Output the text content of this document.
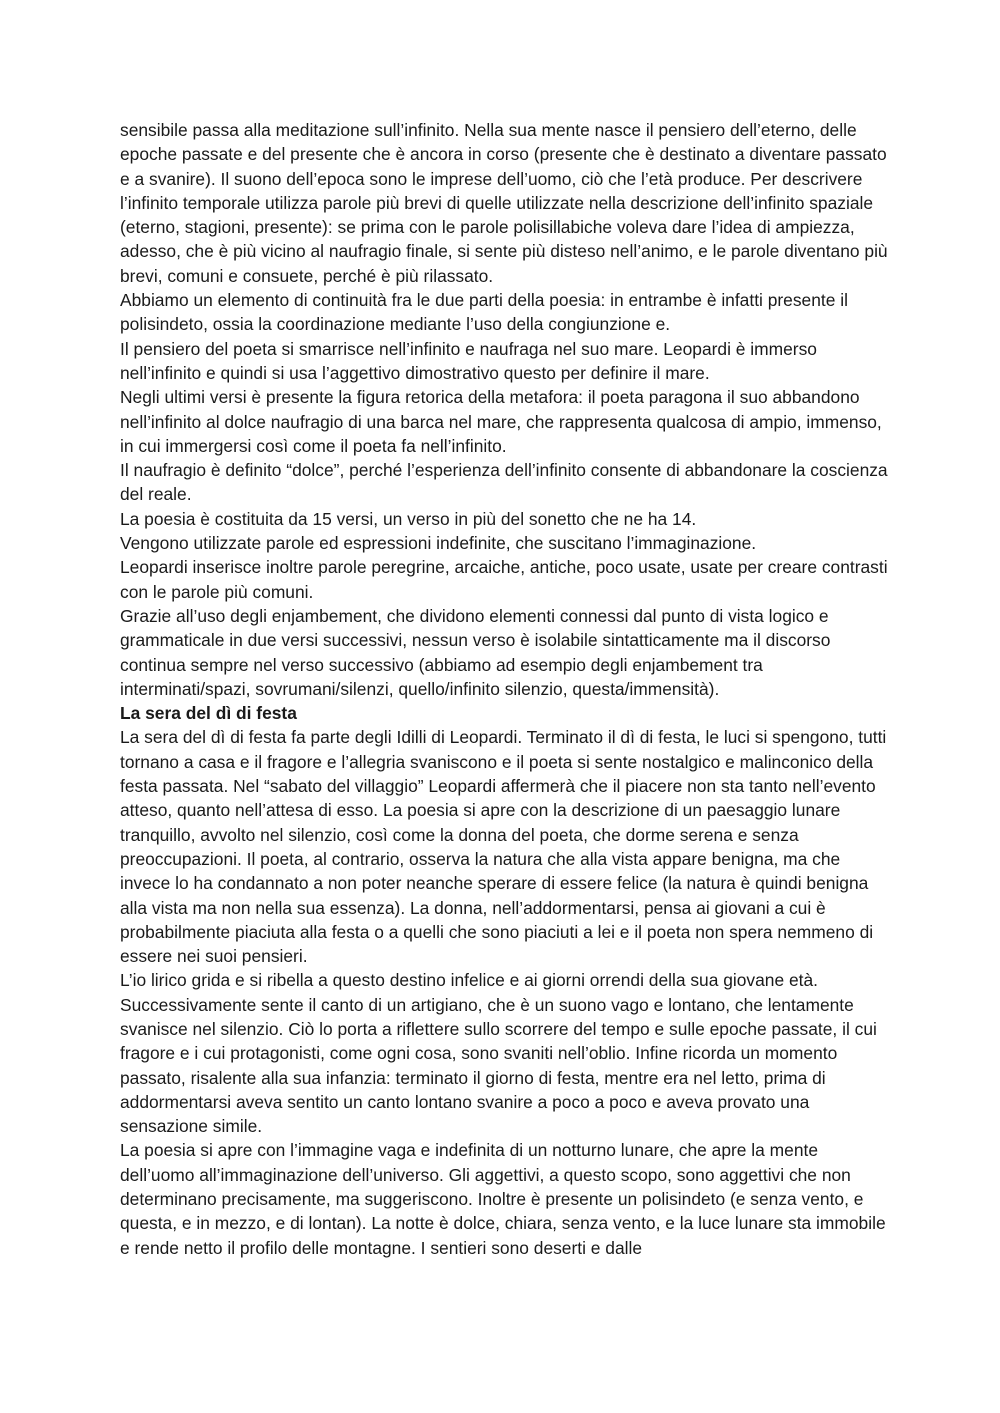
sensibile passa alla meditazione sull’infinito. Nella sua mente nasce il pensiero dell’eterno, delle epoche passate e del presente che è ancora in corso (presente che è destinato a diventare passato e a svanire). Il suono dell’epoca sono le imprese dell’uomo, ciò che l’età produce. Per descrivere l’infinito temporale utilizza parole più brevi di quelle utilizzate nella descrizione dell’infinito spaziale (eterno, stagioni, presente): se prima con le parole polisillabiche voleva dare l’idea di ampiezza, adesso, che è più vicino al naufragio finale, si sente più disteso nell’animo, e le parole diventano più brevi, comuni e consuete, perché è più rilassato.

Abbiamo un elemento di continuità fra le due parti della poesia: in entrambe è infatti presente il polisindeto, ossia la coordinazione mediante l’uso della congiunzione e.

Il pensiero del poeta si smarrisce nell’infinito e naufraga nel suo mare. Leopardi è immerso nell’infinito e quindi si usa l’aggettivo dimostrativo questo per definire il mare.

Negli ultimi versi è presente la figura retorica della metafora: il poeta paragona il suo abbandono nell’infinito al dolce naufragio di una barca nel mare, che rappresenta qualcosa di ampio, immenso, in cui immergersi così come il poeta fa nell’infinito.

Il naufragio è definito “dolce”, perché l’esperienza dell’infinito consente di abbandonare la coscienza del reale.

La poesia è costituita da 15 versi, un verso in più del sonetto che ne ha 14.

Vengono utilizzate parole ed espressioni indefinite, che suscitano l’immaginazione.

Leopardi inserisce inoltre parole peregrine, arcaiche, antiche, poco usate, usate per creare contrasti con le parole più comuni.

Grazie all’uso degli enjambement, che dividono elementi connessi dal punto di vista logico e grammaticale in due versi successivi, nessun verso è isolabile sintatticamente ma il discorso continua sempre nel verso successivo (abbiamo ad esempio degli enjambement tra interminati/spazi, sovrumani/silenzi, quello/infinito silenzio, questa/immensità).

La sera del dì di festa

La sera del dì di festa fa parte degli Idilli di Leopardi. Terminato il dì di festa, le luci si spengono, tutti tornano a casa e il fragore e l’allegria svaniscono e il poeta si sente nostalgico e malinconico della festa passata. Nel “sabato del villaggio” Leopardi affermerà che il piacere non sta tanto nell’evento atteso, quanto nell’attesa di esso. La poesia si apre con la descrizione di un paesaggio lunare tranquillo, avvolto nel silenzio, così come la donna del poeta, che dorme serena e senza preoccupazioni. Il poeta, al contrario, osserva la natura che alla vista appare benigna, ma che invece lo ha condannato a non poter neanche sperare di essere felice (la natura è quindi benigna alla vista ma non nella sua essenza). La donna, nell’addormentarsi, pensa ai giovani a cui è probabilmente piaciuta alla festa o a quelli che sono piaciuti a lei e il poeta non spera nemmeno di essere nei suoi pensieri.

L’io lirico grida e si ribella a questo destino infelice e ai giorni orrendi della sua giovane età. Successivamente sente il canto di un artigiano, che è un suono vago e lontano, che lentamente svanisce nel silenzio. Ciò lo porta a riflettere sullo scorrere del tempo e sulle epoche passate, il cui fragore e i cui protagonisti, come ogni cosa, sono svaniti nell’oblio. Infine ricorda un momento passato, risalente alla sua infanzia: terminato il giorno di festa, mentre era nel letto, prima di addormentarsi aveva sentito un canto lontano svanire a poco a poco e aveva provato una sensazione simile.

La poesia si apre con l’immagine vaga e indefinita di un notturno lunare, che apre la mente dell’uomo all’immaginazione dell’universo. Gli aggettivi, a questo scopo, sono aggettivi che non determinano precisamente, ma suggeriscono. Inoltre è presente un polisindeto (e senza vento, e questa, e in mezzo, e di lontan). La notte è dolce, chiara, senza vento, e la luce lunare sta immobile e rende netto il profilo delle montagne. I sentieri sono deserti e dalle
